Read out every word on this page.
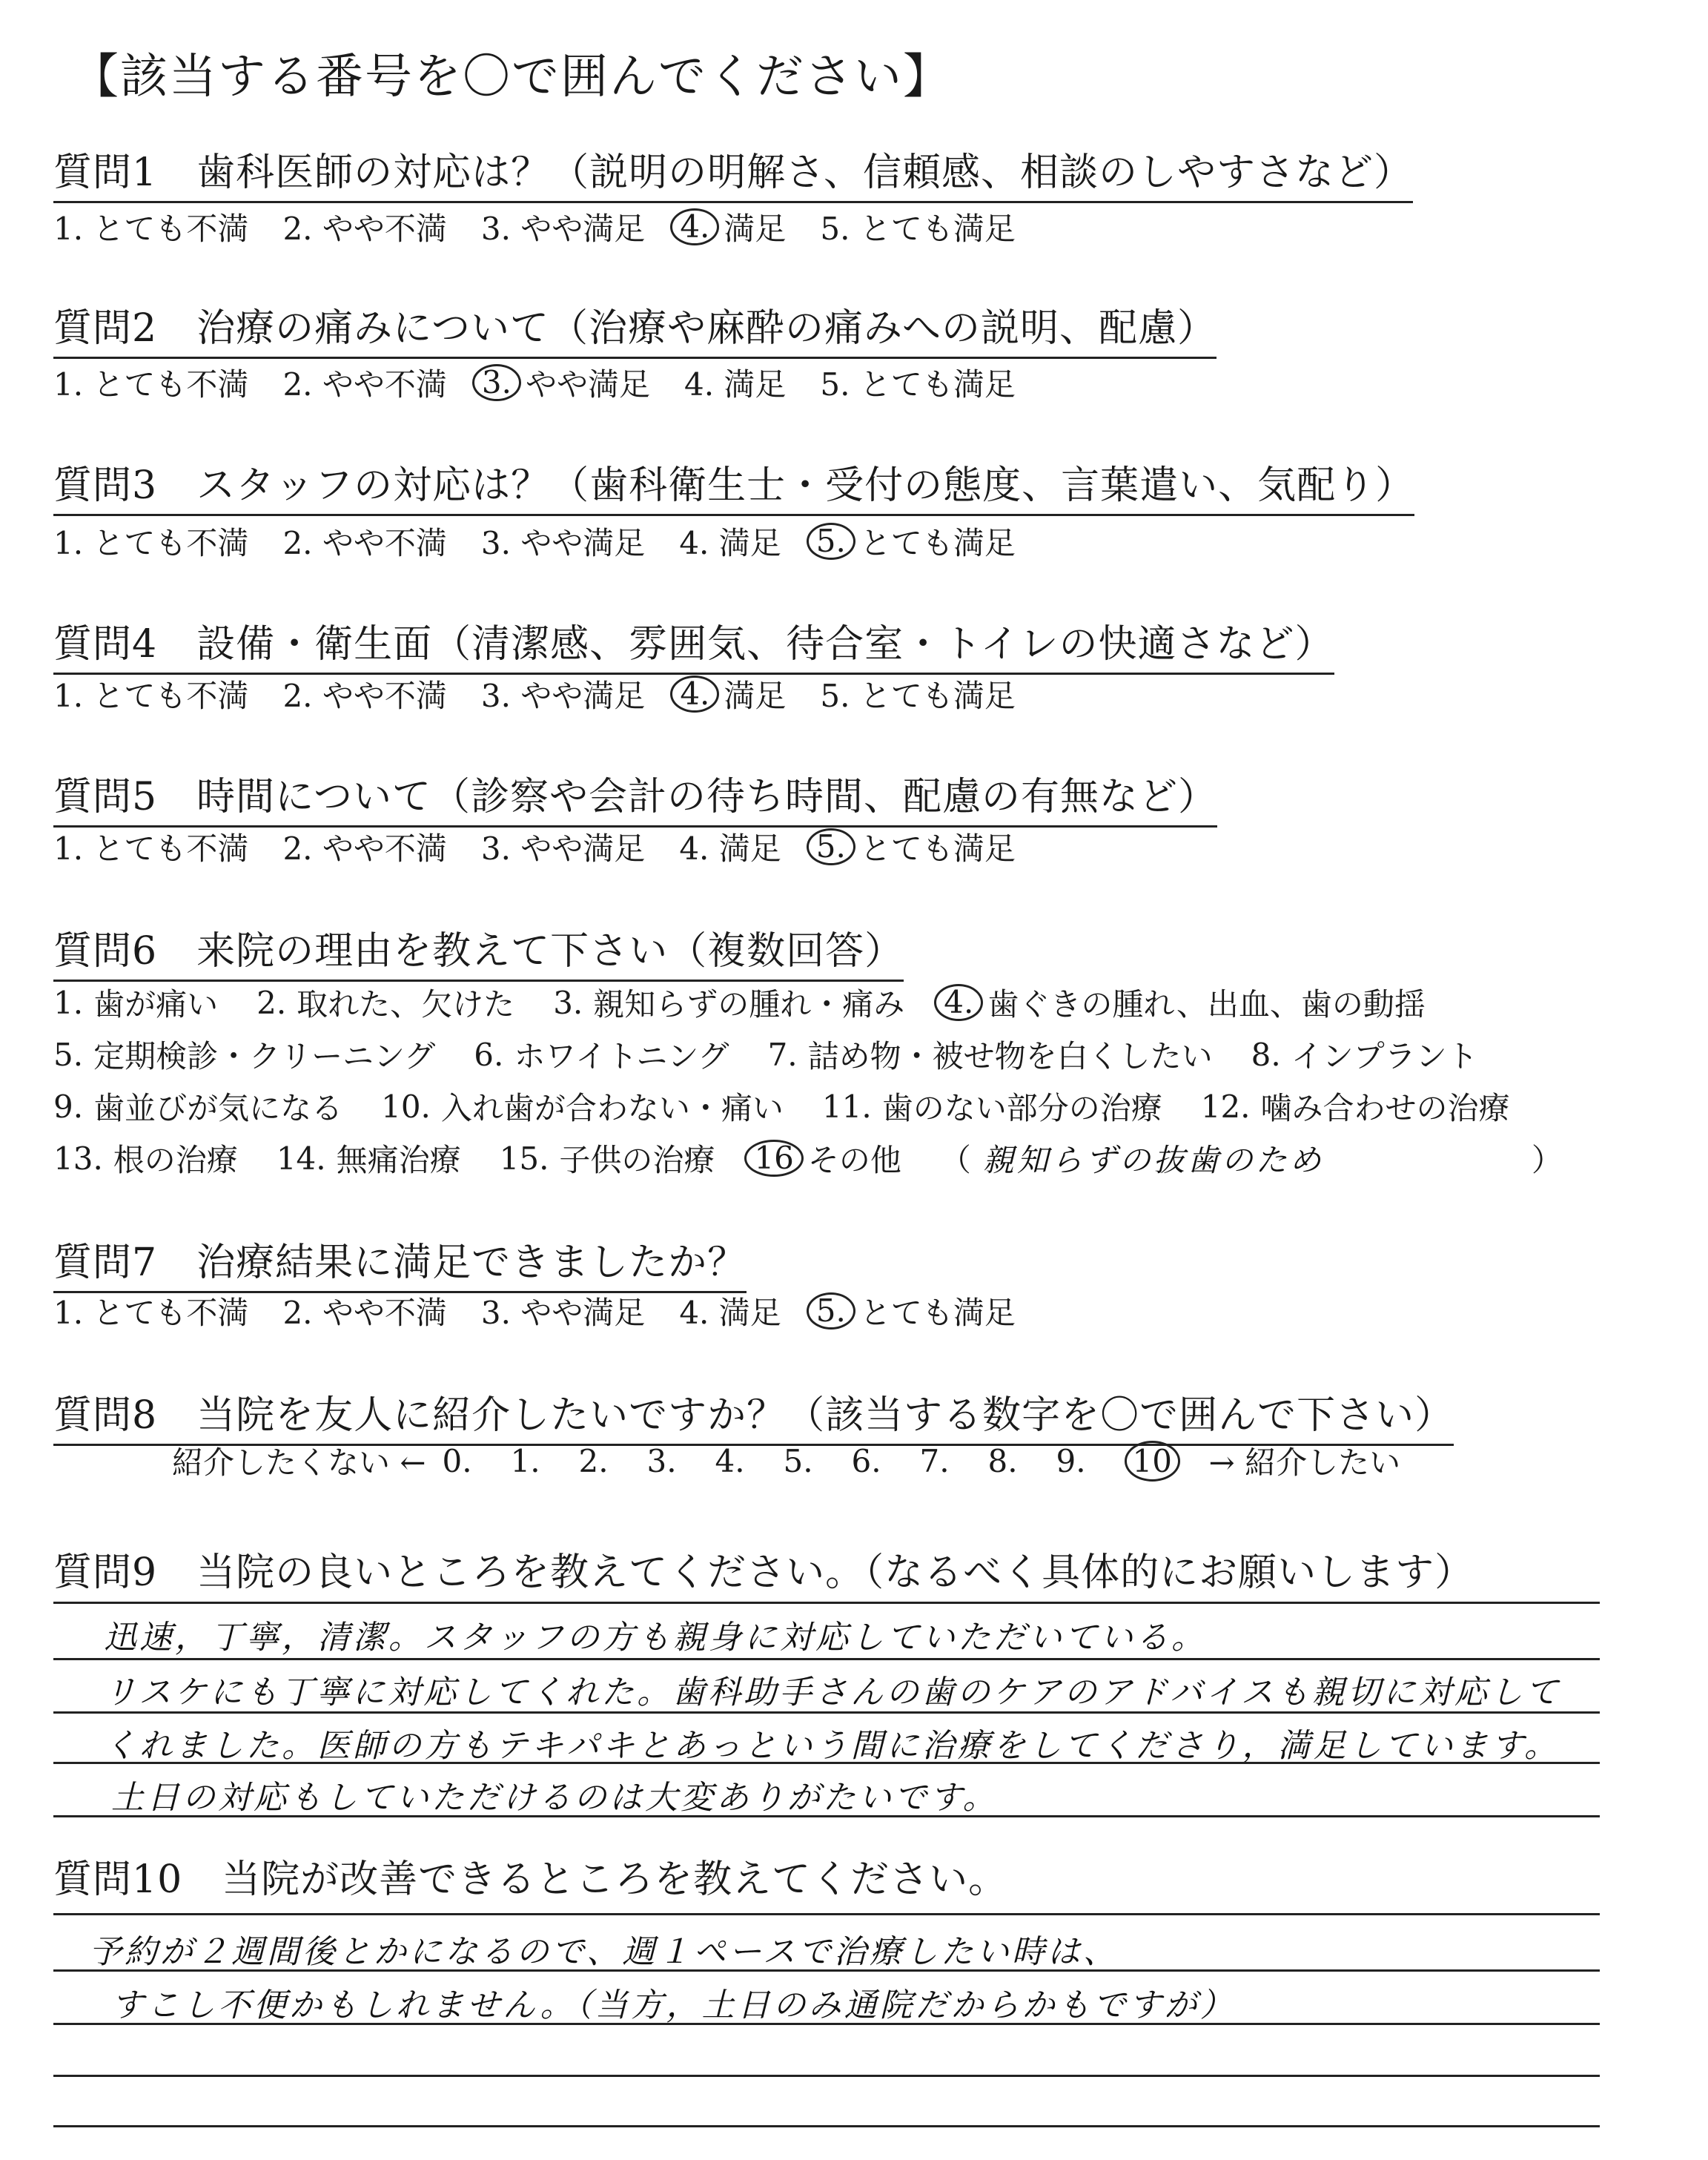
【該当する番号を〇で囲んでください】
質問1　歯科医師の対応は？（説明の明解さ、信頼感、相談のしやすさなど）
1. とても不満 2. やや不満 3. やや満足	4. 満足 5. とても満足
質問2　治療の痛みについて（治療や麻酔の痛みへの説明、配慮）
1. とても不満 2. やや不満	3. やや満足 4. 満足 5. とても満足
質問3　スタッフの対応は？（歯科衛生士・受付の態度、言葉遣い、気配り）
1. とても不満 2. やや不満 3. やや満足 4. 満足	5. とても満足
質問4　設備・衛生面（清潔感、雰囲気、待合室・トイレの快適さなど）
1. とても不満 2. やや不満 3. やや満足	4. 満足 5. とても満足
質問5　時間について（診察や会計の待ち時間、配慮の有無など）
1. とても不満 2. やや不満 3. やや満足 4. 満足	5. とても満足
質問6　来院の理由を教えて下さい（複数回答）
1. 歯が痛い 2. 取れた、欠けた 3. 親知らずの腫れ・痛み	4. 歯ぐきの腫れ、出血、歯の動揺
5. 定期検診・クリーニング 6. ホワイトニング 7. 詰め物・被せ物を白くしたい 8. インプラント
9. 歯並びが気になる 10. 入れ歯が合わない・痛い 11. 歯のない部分の治療 12. 噛み合わせの治療
13. 根の治療 14. 無痛治療 15. 子供の治療	16 その他 （ 親知らずの抜歯のため	）
質問7　治療結果に満足できましたか？
1. とても不満 2. やや不満 3. やや満足 4. 満足	5. とても満足
質問8　当院を友人に紹介したいですか？（該当する数字を〇で囲んで下さい）
紹介したくない ← 0.	1.	2.	3.	4.	5.	6.	7.	8.	9.	10	→ 紹介したい
質問9　当院の良いところを教えてください。（なるべく具体的にお願いします）
迅速，丁寧，清潔。スタッフの方も親身に対応していただいている。
リスケにも丁寧に対応してくれた。歯科助手さんの歯のケアのアドバイスも親切に対応して
くれました。医師の方もテキパキとあっという間に治療をしてくださり，満足しています。
土日の対応もしていただけるのは大変ありがたいです。
質問10　当院が改善できるところを教えてください。
予約が２週間後とかになるので、週１ペースで治療したい時は、
すこし不便かもしれません。（当方，土日のみ通院だからかもですが）
